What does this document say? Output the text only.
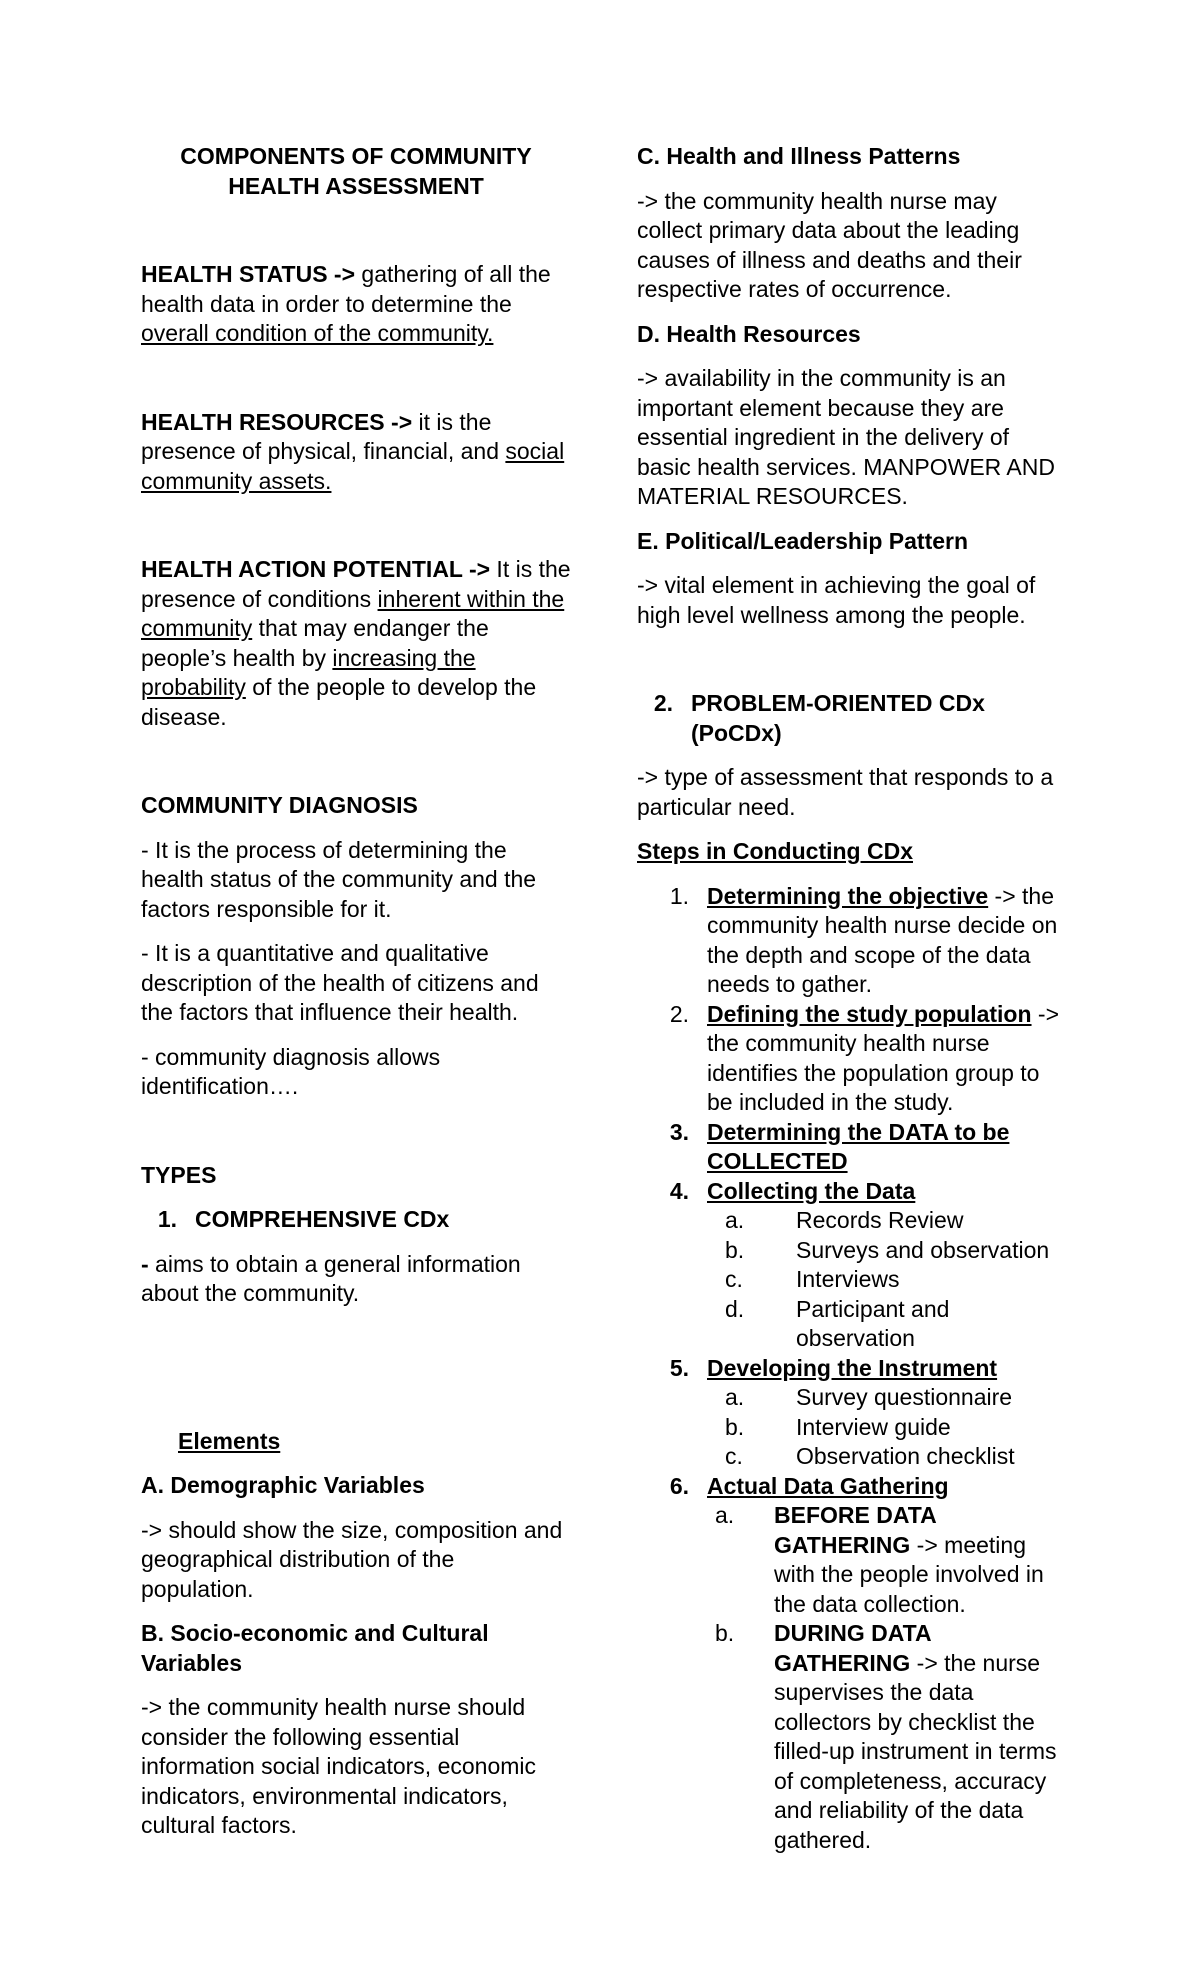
COMPONENTS OF COMMUNITY
HEALTH ASSESSMENT

HEALTH STATUS -> gathering of all the health data in order to determine the overall condition of the community.

HEALTH RESOURCES -> it is the presence of physical, financial, and social community assets.

HEALTH ACTION POTENTIAL -> It is the presence of conditions inherent within the community that may endanger the people’s health by increasing the probability of the people to develop the disease.

COMMUNITY DIAGNOSIS

- It is the process of determining the health status of the community and the factors responsible for it.

- It is a quantitative and qualitative description of the health of citizens and the factors that influence their health.

- community diagnosis allows identification….

TYPES

1. COMPREHENSIVE CDx

- aims to obtain a general information about the community.

Elements

A. Demographic Variables

-> should show the size, composition and geographical distribution of the population.

B. Socio-economic and Cultural Variables

-> the community health nurse should consider the following essential information social indicators, economic indicators, environmental indicators, cultural factors.

C. Health and Illness Patterns

-> the community health nurse may collect primary data about the leading causes of illness and deaths and their respective rates of occurrence.

D. Health Resources

-> availability in the community is an important element because they are essential ingredient in the delivery of basic health services. MANPOWER AND MATERIAL RESOURCES.

E. Political/Leadership Pattern

-> vital element in achieving the goal of high level wellness among the people.

2. PROBLEM-ORIENTED CDx (PoCDx)

-> type of assessment that responds to a particular need.

Steps in Conducting CDx

1. Determining the objective -> the community health nurse decide on the depth and scope of the data needs to gather.
2. Defining the study population -> the community health nurse identifies the population group to be included in the study.
3. Determining the DATA to be COLLECTED
4. Collecting the Data
a.	Records Review
b.	Surveys and observation
c.	Interviews
d.	Participant and observation
5. Developing the Instrument
a.	Survey questionnaire
b.	Interview guide
c.	Observation checklist
6. Actual Data Gathering
a.	BEFORE DATA GATHERING -> meeting with the people involved in the data collection.
b.	DURING DATA GATHERING -> the nurse supervises the data collectors by checklist the filled-up instrument in terms of completeness, accuracy and reliability of the data gathered.
